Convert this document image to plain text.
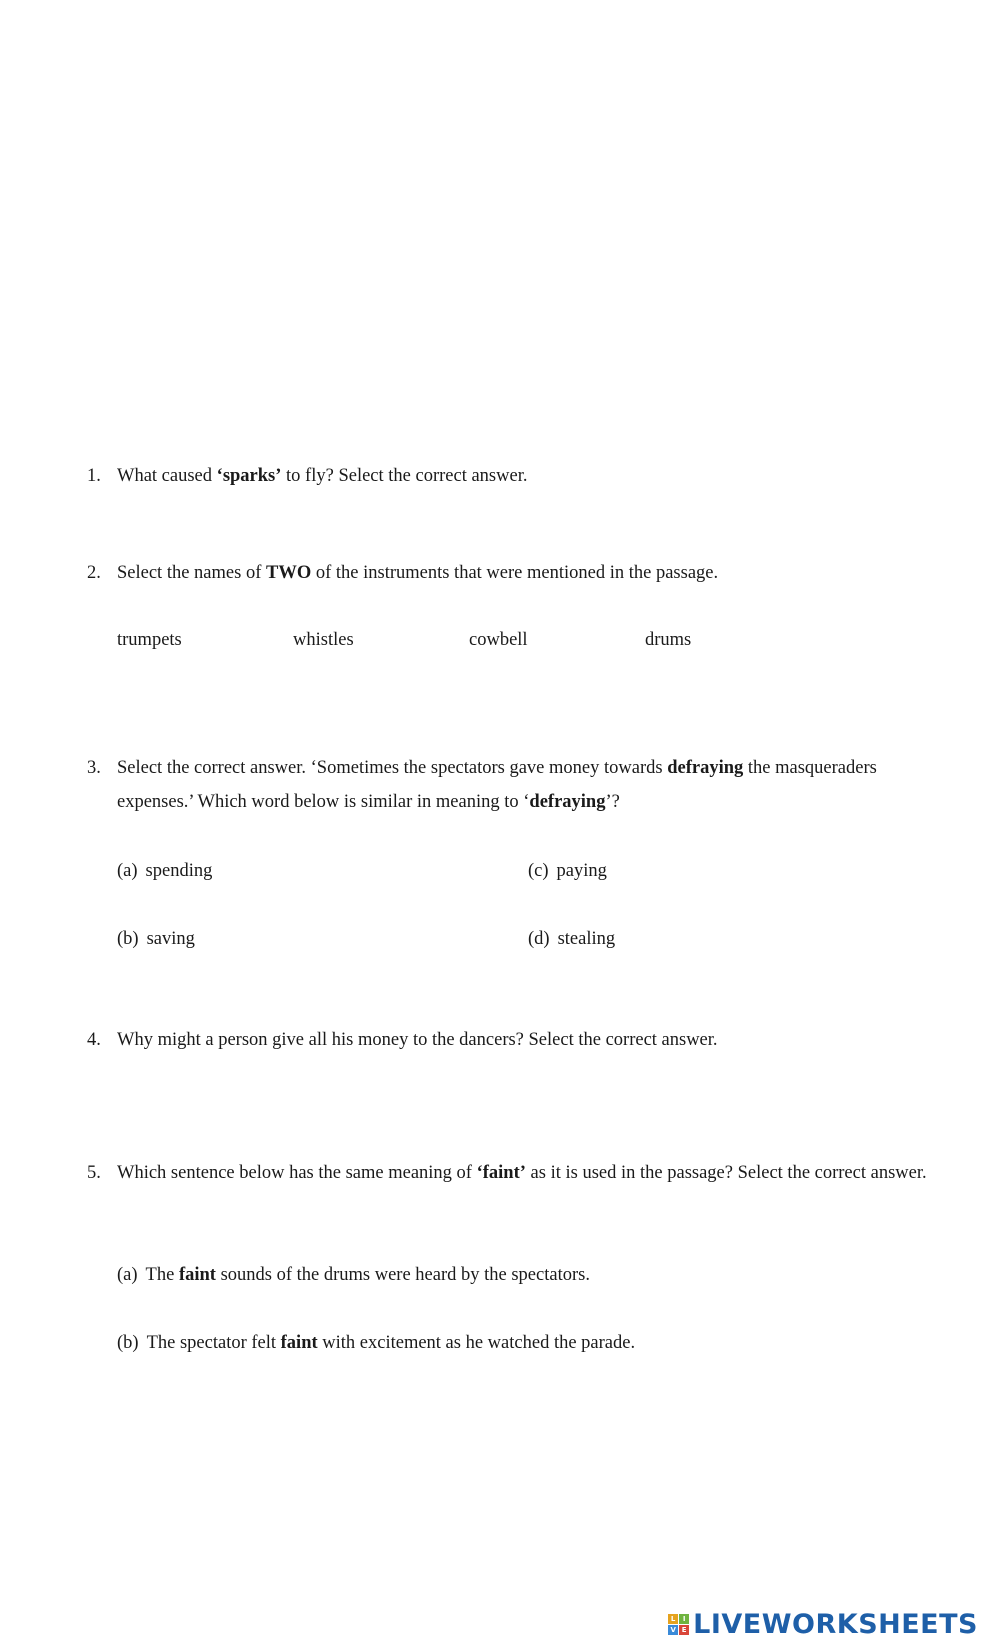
1. What caused ‘sparks’ to fly? Select the correct answer.
2. Select the names of TWO of the instruments that were mentioned in the passage.
trumpets	whistles	cowbell	drums
3. Select the correct answer. ‘Sometimes the spectators gave money towards defraying the masqueraders expenses.’ Which word below is similar in meaning to ‘defraying’?
(a) spending	(c) paying
(b) saving	(d) stealing
4. Why might a person give all his money to the dancers? Select the correct answer.
5. Which sentence below has the same meaning of ‘faint’ as it is used in the passage? Select the correct answer.
(a) The faint sounds of the drums were heard by the spectators.
(b) The spectator felt faint with excitement as he watched the parade.
L	I
V E LIVEWORKSHEETS
